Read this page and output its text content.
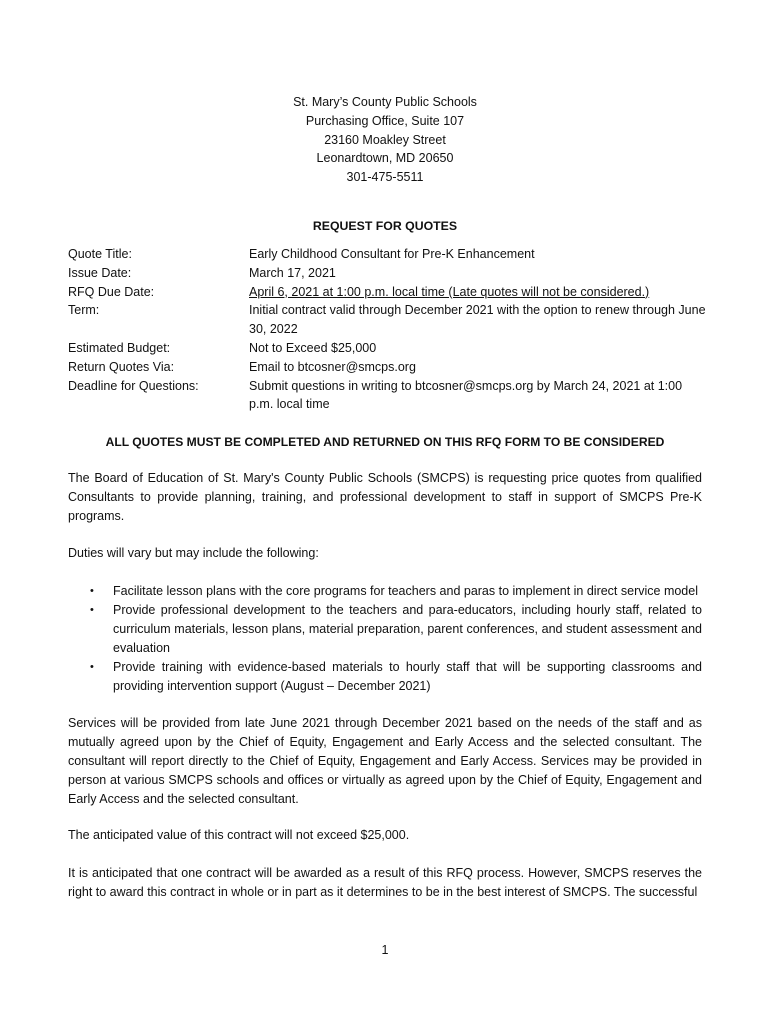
St. Mary’s County Public Schools
Purchasing Office, Suite 107
23160 Moakley Street
Leonardtown, MD 20650
301-475-5511
REQUEST FOR QUOTES
Quote Title:	Early Childhood Consultant for Pre-K Enhancement
Issue Date:	March 17, 2021
RFQ Due Date:	April 6, 2021 at 1:00 p.m. local time (Late quotes will not be considered.)
Term:	Initial contract valid through December 2021 with the option to renew through June 30, 2022
Estimated Budget:	Not to Exceed $25,000
Return Quotes Via:	Email to btcosner@smcps.org
Deadline for Questions:	Submit questions in writing to btcosner@smcps.org by March 24, 2021 at 1:00 p.m. local time
ALL QUOTES MUST BE COMPLETED AND RETURNED ON THIS RFQ FORM TO BE CONSIDERED
The Board of Education of St. Mary's County Public Schools (SMCPS) is requesting price quotes from qualified Consultants to provide planning, training, and professional development to staff in support of SMCPS Pre-K programs.
Duties will vary but may include the following:
• Facilitate lesson plans with the core programs for teachers and paras to implement in direct service model
• Provide professional development to the teachers and para-educators, including hourly staff, related to curriculum materials, lesson plans, material preparation, parent conferences, and student assessment and evaluation
• Provide training with evidence-based materials to hourly staff that will be supporting classrooms and providing intervention support (August – December 2021)
Services will be provided from late June 2021 through December 2021 based on the needs of the staff and as mutually agreed upon by the Chief of Equity, Engagement and Early Access and the selected consultant. The consultant will report directly to the Chief of Equity, Engagement and Early Access. Services may be provided in person at various SMCPS schools and offices or virtually as agreed upon by the Chief of Equity, Engagement and Early Access and the selected consultant.
The anticipated value of this contract will not exceed $25,000.
It is anticipated that one contract will be awarded as a result of this RFQ process. However, SMCPS reserves the right to award this contract in whole or in part as it determines to be in the best interest of SMCPS. The successful
1
